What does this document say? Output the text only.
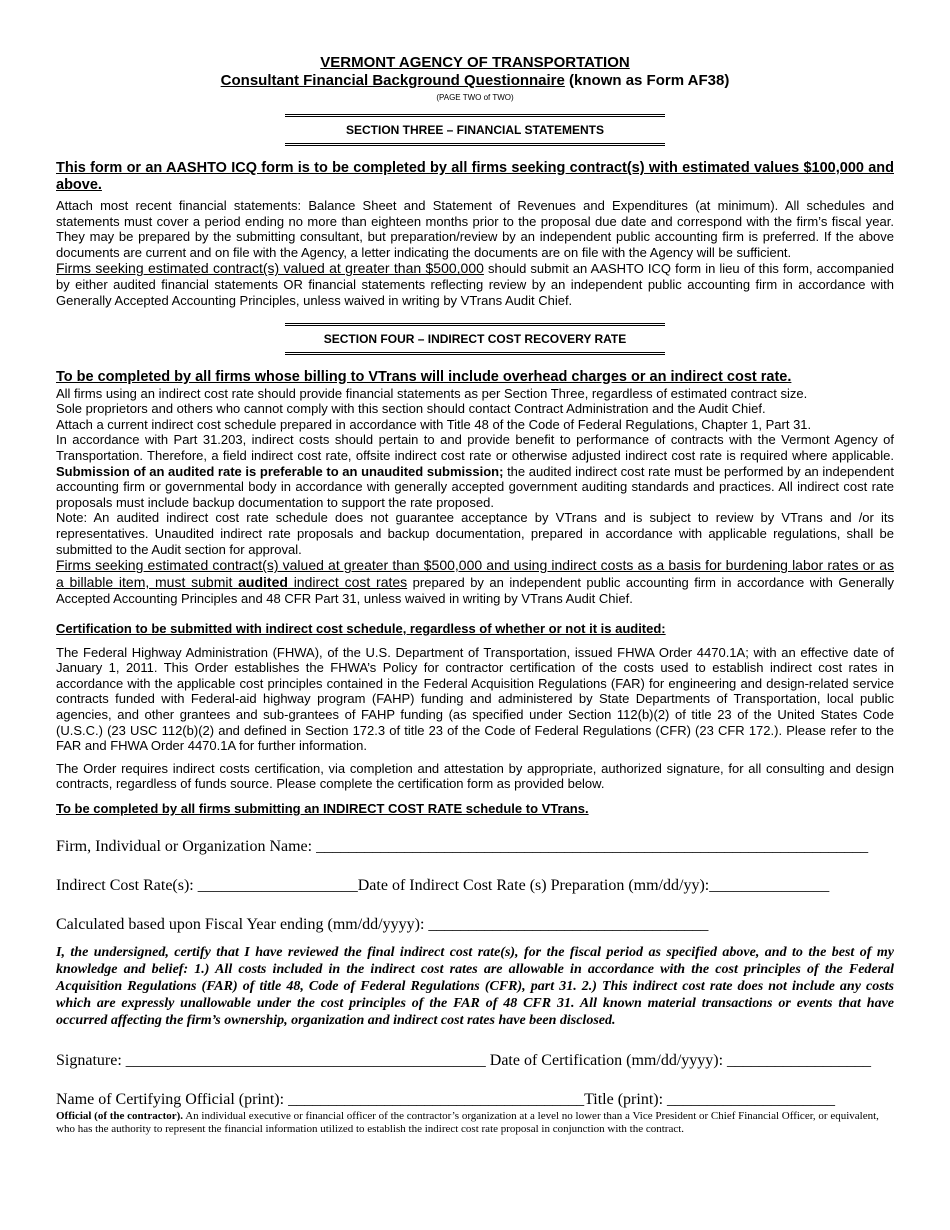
VERMONT AGENCY OF TRANSPORTATION
Consultant Financial Background Questionnaire (known as Form AF38)
(PAGE TWO of TWO)
SECTION THREE – FINANCIAL STATEMENTS
This form or an AASHTO ICQ form is to be completed by all firms seeking contract(s) with estimated values $100,000 and above.

Attach most recent financial statements: Balance Sheet and Statement of Revenues and Expenditures (at minimum). All schedules and statements must cover a period ending no more than eighteen months prior to the proposal due date and correspond with the firm’s fiscal year. They may be prepared by the submitting consultant, but preparation/review by an independent public accounting firm is preferred. If the above documents are current and on file with the Agency, a letter indicating the documents are on file with the Agency will be sufficient.

Firms seeking estimated contract(s) valued at greater than $500,000 should submit an AASHTO ICQ form in lieu of this form, accompanied by either audited financial statements OR financial statements reflecting review by an independent public accounting firm in accordance with Generally Accepted Accounting Principles, unless waived in writing by VTrans Audit Chief.

SECTION FOUR – INDIRECT COST RECOVERY RATE
To be completed by all firms whose billing to VTrans will include overhead charges or an indirect cost rate.

All firms using an indirect cost rate should provide financial statements as per Section Three, regardless of estimated contract size.

Sole proprietors and others who cannot comply with this section should contact Contract Administration and the Audit Chief.

Attach a current indirect cost schedule prepared in accordance with Title 48 of the Code of Federal Regulations, Chapter 1, Part 31.

In accordance with Part 31.203, indirect costs should pertain to and provide benefit to performance of contracts with the Vermont Agency of Transportation. Therefore, a field indirect cost rate, offsite indirect cost rate or otherwise adjusted indirect cost rate is required where applicable. Submission of an audited rate is preferable to an unaudited submission; the audited indirect cost rate must be performed by an independent accounting firm or governmental body in accordance with generally accepted government auditing standards and practices. All indirect cost rate proposals must include backup documentation to support the rate proposed.

Note: An audited indirect cost rate schedule does not guarantee acceptance by VTrans and is subject to review by VTrans and /or its representatives. Unaudited indirect rate proposals and backup documentation, prepared in accordance with applicable regulations, shall be submitted to the Audit section for approval.

Firms seeking estimated contract(s) valued at greater than $500,000 and using indirect costs as a basis for burdening labor rates or as a billable item, must submit audited indirect cost rates prepared by an independent public accounting firm in accordance with Generally Accepted Accounting Principles and 48 CFR Part 31, unless waived in writing by VTrans Audit Chief.

Certification to be submitted with indirect cost schedule, regardless of whether or not it is audited:

The Federal Highway Administration (FHWA), of the U.S. Department of Transportation, issued FHWA Order 4470.1A; with an effective date of January 1, 2011. This Order establishes the FHWA’s Policy for contractor certification of the costs used to establish indirect cost rates in accordance with the applicable cost principles contained in the Federal Acquisition Regulations (FAR) for engineering and design-related service contracts funded with Federal-aid highway program (FAHP) funding and administered by State Departments of Transportation, local public agencies, and other grantees and sub-grantees of FAHP funding (as specified under Section 112(b)(2) of title 23 of the United States Code (U.S.C.) (23 USC 112(b)(2) and defined in Section 172.3 of title 23 of the Code of Federal Regulations (CFR) (23 CFR 172.). Please refer to the FAR and FHWA Order 4470.1A for further information.

The Order requires indirect costs certification, via completion and attestation by appropriate, authorized signature, for all consulting and design contracts, regardless of funds source. Please complete the certification form as provided below.

To be completed by all firms submitting an INDIRECT COST RATE schedule to VTrans.
Firm, Individual or Organization Name: _____________________________________________________________________
Indirect Cost Rate(s): ____________________Date of Indirect Cost Rate (s) Preparation (mm/dd/yy):_______________
Calculated based upon Fiscal Year ending (mm/dd/yyyy): ___________________________________

I, the undersigned, certify that I have reviewed the final indirect cost rate(s), for the fiscal period as specified above, and to the best of my knowledge and belief: 1.) All costs included in the indirect cost rates are allowable in accordance with the cost principles of the Federal Acquisition Regulations (FAR) of title 48, Code of Federal Regulations (CFR), part 31. 2.) This indirect cost rate does not include any costs which are expressly unallowable under the cost principles of the FAR of 48 CFR 31. All known material transactions or events that have occurred affecting the firm’s ownership, organization and indirect cost rates have been disclosed.

Signature: _____________________________________________ Date of Certification (mm/dd/yyyy): __________________
Name of Certifying Official (print): _____________________________________Title (print): _____________________

Official (of the contractor). An individual executive or financial officer of the contractor’s organization at a level no lower than a Vice President or Chief Financial Officer, or equivalent, who has the authority to represent the financial information utilized to establish the indirect cost rate proposal in conjunction with the contract.
